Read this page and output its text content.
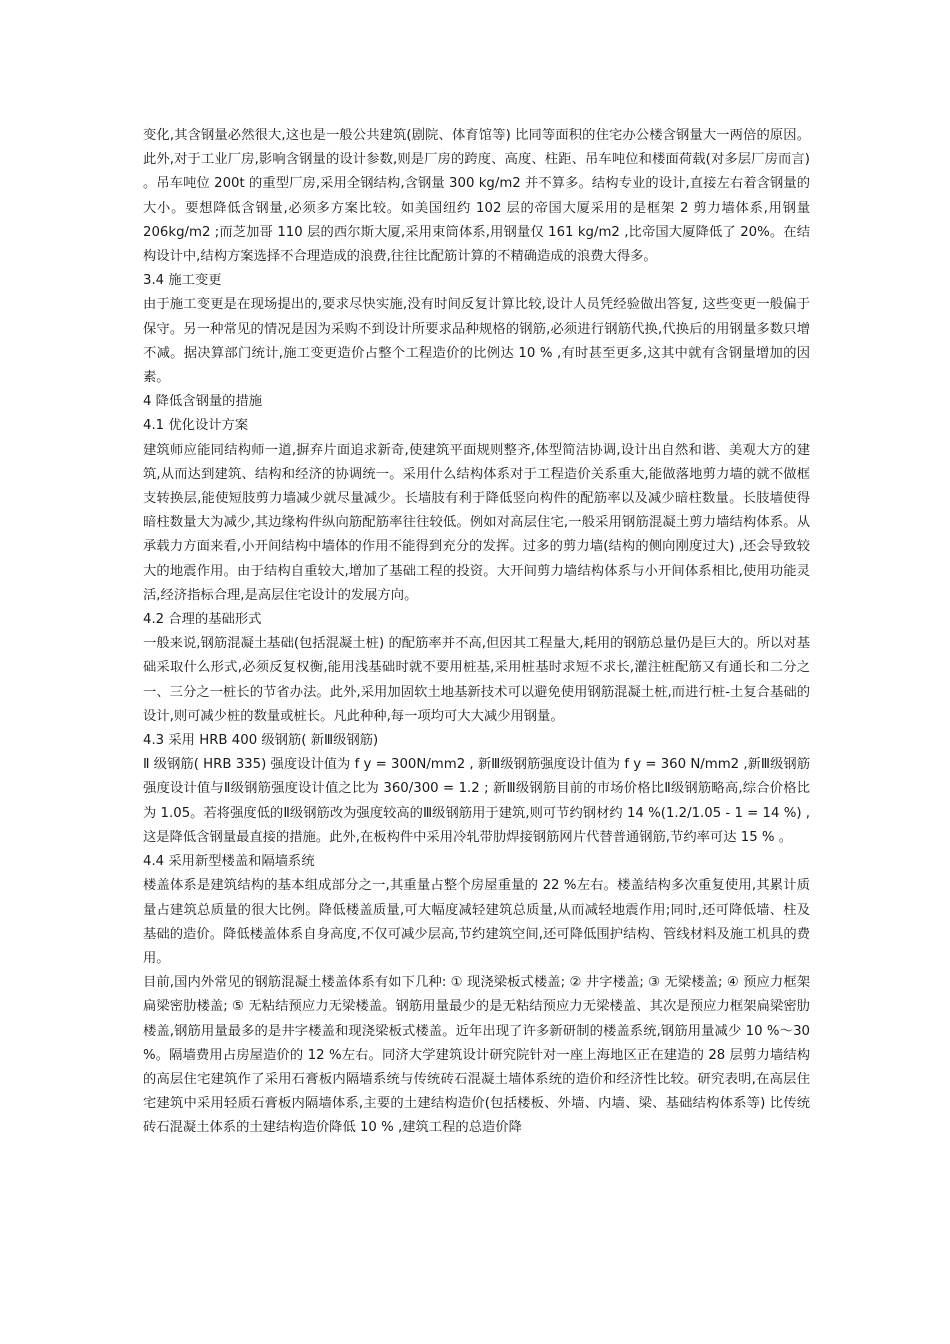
变化,其含钢量必然很大,这也是一般公共建筑(剧院、体育馆等) 比同等面积的住宅办公楼含钢量大一两倍的原因。此外,对于工业厂房,影响含钢量的设计参数,则是厂房的跨度、高度、柱距、吊车吨位和楼面荷载(对多层厂房而言) 。吊车吨位 200t 的重型厂房,采用全钢结构,含钢量 300 kg/m2 并不算多。结构专业的设计,直接左右着含钢量的大小。要想降低含钢量,必须多方案比较。如美国纽约 102 层的帝国大厦采用的是框架 2 剪力墙体系,用钢量 206kg/m2 ;而芝加哥 110 层的西尔斯大厦,采用束筒体系,用钢量仅 161 kg/m2 ,比帝国大厦降低了 20%。在结构设计中,结构方案选择不合理造成的浪费,往往比配筋计算的不精确造成的浪费大得多。

3.4 施工变更

由于施工变更是在现场提出的,要求尽快实施,没有时间反复计算比较,设计人员凭经验做出答复, 这些变更一般偏于保守。另一种常见的情况是因为采购不到设计所要求品种规格的钢筋,必须进行钢筋代换,代换后的用钢量多数只增不减。据决算部门统计,施工变更造价占整个工程造价的比例达 10 % ,有时甚至更多,这其中就有含钢量增加的因素。

4 降低含钢量的措施
4.1 优化设计方案

建筑师应能同结构师一道,摒弃片面追求新奇,使建筑平面规则整齐,体型简洁协调,设计出自然和谐、美观大方的建筑,从而达到建筑、结构和经济的协调统一。采用什么结构体系对于工程造价关系重大,能做落地剪力墙的就不做框支转换层,能使短肢剪力墙减少就尽量减少。长墙肢有利于降低竖向构件的配筋率以及减少暗柱数量。长肢墙使得暗柱数量大为减少,其边缘构件纵向筋配筋率往往较低。例如对高层住宅,一般采用钢筋混凝土剪力墙结构体系。从承载力方面来看,小开间结构中墙体的作用不能得到充分的发挥。过多的剪力墙(结构的侧向刚度过大) ,还会导致较大的地震作用。由于结构自重较大,增加了基础工程的投资。大开间剪力墙结构体系与小开间体系相比,使用功能灵活,经济指标合理,是高层住宅设计的发展方向。

4.2 合理的基础形式

一般来说,钢筋混凝土基础(包括混凝土桩) 的配筋率并不高,但因其工程量大,耗用的钢筋总量仍是巨大的。所以对基础采取什么形式,必须反复权衡,能用浅基础时就不要用桩基,采用桩基时求短不求长,灌注桩配筋又有通长和二分之一、三分之一桩长的节省办法。此外,采用加固软土地基新技术可以避免使用钢筋混凝土桩,而进行桩-土复合基础的设计,则可减少桩的数量或桩长。凡此种种,每一项均可大大减少用钢量。

4.3 采用 HRB 400 级钢筋( 新Ⅲ级钢筋)

Ⅱ 级钢筋( HRB 335) 强度设计值为 f y = 300N/mm2 , 新Ⅲ级钢筋强度设计值为 f y = 360 N/mm2 ,新Ⅲ级钢筋强度设计值与Ⅱ级钢筋强度设计值之比为 360/300 = 1.2 ; 新Ⅲ级钢筋目前的市场价格比Ⅱ级钢筋略高,综合价格比为 1.05。若将强度低的Ⅱ级钢筋改为强度较高的Ⅲ级钢筋用于建筑,则可节约钢材约 14 %(1.2/1.05 - 1 = 14 %) ,这是降低含钢量最直接的措施。此外,在板构件中采用冷轧带肋焊接钢筋网片代替普通钢筋,节约率可达 15 % 。

4.4 采用新型楼盖和隔墙系统

楼盖体系是建筑结构的基本组成部分之一,其重量占整个房屋重量的 22 %左右。楼盖结构多次重复使用,其累计质量占建筑总质量的很大比例。降低楼盖质量,可大幅度减轻建筑总质量,从而减轻地震作用;同时,还可降低墙、柱及基础的造价。降低楼盖体系自身高度,不仅可减少层高,节约建筑空间,还可降低围护结构、管线材料及施工机具的费用。

目前,国内外常见的钢筋混凝土楼盖体系有如下几种: ① 现浇梁板式楼盖; ② 井字楼盖; ③ 无梁楼盖; ④ 预应力框架扁梁密肋楼盖; ⑤ 无粘结预应力无梁楼盖。钢筋用量最少的是无粘结预应力无梁楼盖、其次是预应力框架扁梁密肋楼盖,钢筋用量最多的是井字楼盖和现浇梁板式楼盖。近年出现了许多新研制的楼盖系统,钢筋用量减少 10 %～30 %。隔墙费用占房屋造价的 12 %左右。同济大学建筑设计研究院针对一座上海地区正在建造的 28 层剪力墙结构的高层住宅建筑作了采用石膏板内隔墙系统与传统砖石混凝土墙体系统的造价和经济性比较。研究表明,在高层住宅建筑中采用轻质石膏板内隔墙体系,主要的土建结构造价(包括楼板、外墙、内墙、梁、基础结构体系等) 比传统砖石混凝土体系的土建结构造价降低 10 % ,建筑工程的总造价降
